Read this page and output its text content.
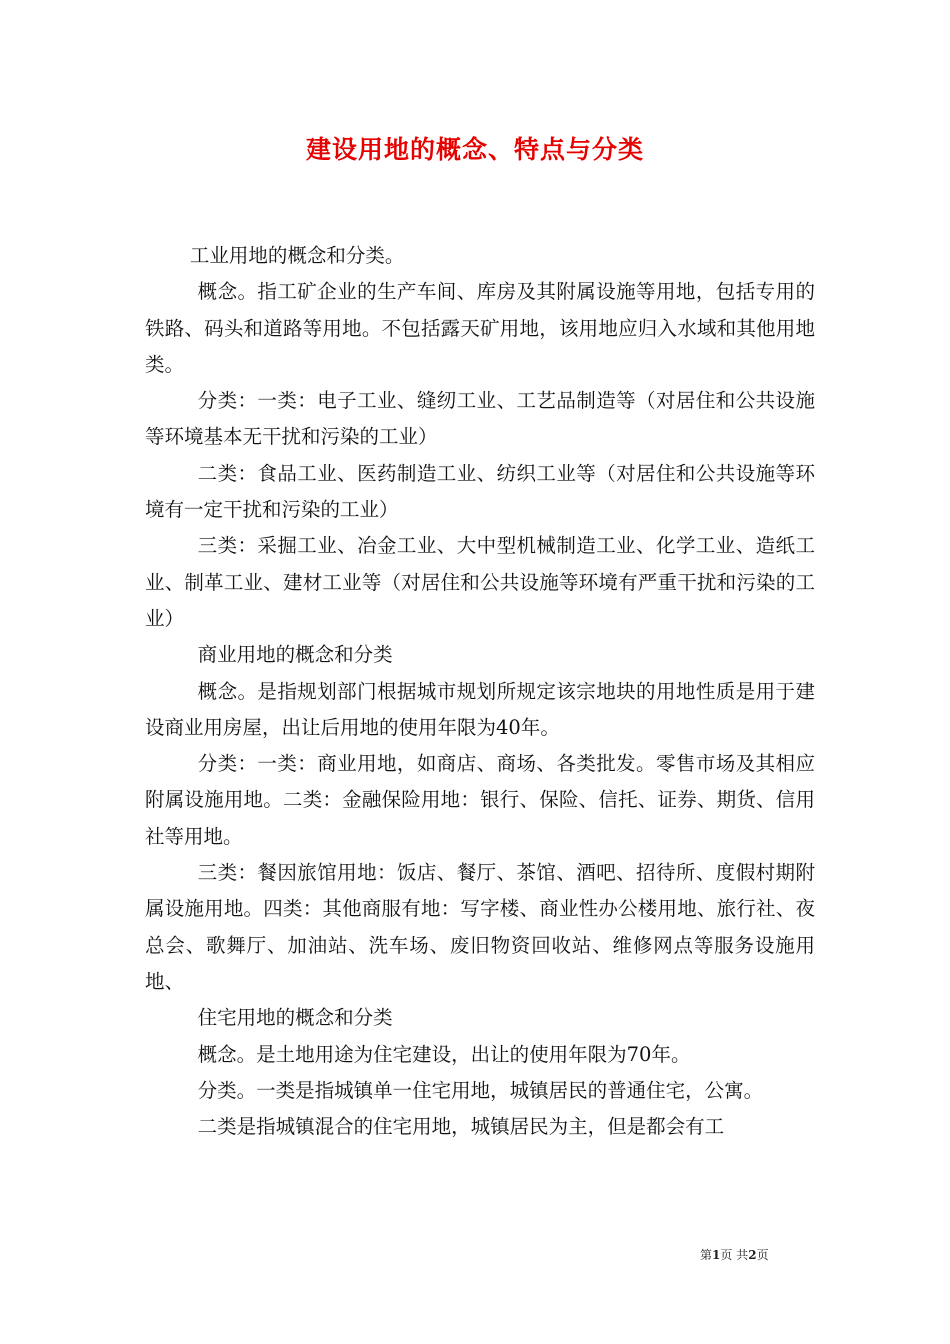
建设用地的概念、特点与分类

工业用地的概念和分类。

概念。指工矿企业的生产车间、库房及其附属设施等用地，包括专用的铁路、码头和道路等用地。不包括露天矿用地，该用地应归入水域和其他用地类。

分类：一类：电子工业、缝纫工业、工艺品制造等（对居住和公共设施等环境基本无干扰和污染的工业）

二类：食品工业、医药制造工业、纺织工业等（对居住和公共设施等环境有一定干扰和污染的工业）

三类：采掘工业、冶金工业、大中型机械制造工业、化学工业、造纸工业、制革工业、建材工业等（对居住和公共设施等环境有严重干扰和污染的工业）

商业用地的概念和分类

概念。是指规划部门根据城市规划所规定该宗地块的用地性质是用于建设商业用房屋，出让后用地的使用年限为40年。

分类：一类：商业用地，如商店、商场、各类批发。零售市场及其相应附属设施用地。二类：金融保险用地：银行、保险、信托、证券、期货、信用社等用地。

三类：餐因旅馆用地：饭店、餐厅、茶馆、酒吧、招待所、度假村期附属设施用地。四类：其他商服有地：写字楼、商业性办公楼用地、旅行社、夜总会、歌舞厅、加油站、洗车场、废旧物资回收站、维修网点等服务设施用地、

住宅用地的概念和分类

概念。是土地用途为住宅建设，出让的使用年限为70年。

分类。一类是指城镇单一住宅用地，城镇居民的普通住宅，公寓。

二类是指城镇混合的住宅用地，城镇居民为主，但是都会有工

第1页 共2页
